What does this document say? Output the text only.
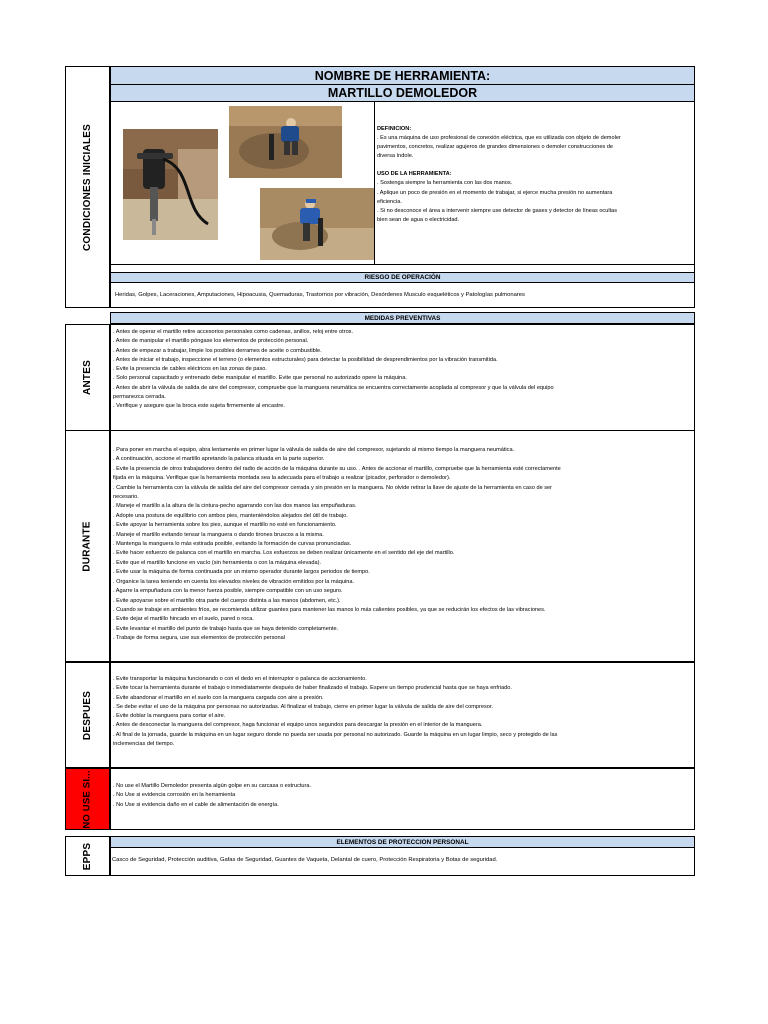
CONDICIONES INICIALES
ANTES
DURANTE
DESPUES
NO USE SI...
EPPS
NOMBRE DE HERRAMIENTA:
MARTILLO DEMOLEDOR
DEFINICION:
. Es una máquina de uso profesional de conexión eléctrica, que es utilizada con objeto de demoler
pavimentos, concretos, realizar agujeros de grandes dimensiones o demoler construcciones de
diversa índole.
USO DE LA HERRAMIENTA:
. Sostenga siempre la herramienta con las dos manos.
. Aplique un poco de presión en el momento de trabajar, si ejerce mucha presión no aumentara
eficiencia.
. Si no desconoce el área a intervenir siempre use detector de gases y detector de líneas ocultas
bien sean de agua o electricidad.
RIESGO DE OPERACIÓN
Heridas, Golpes, Laceraciones, Amputaciones, Hipoacusia, Quemaduras, Trastornos por vibración, Desórdenes Musculo esqueléticos y Patologías pulmonares
MEDIDAS PREVENTIVAS
. Antes de operar el martillo retire accesorios personales como cadenas, anillos, reloj entre otros.
. Antes de manipular el martillo póngase los elementos de protección personal.
. Antes de empezar a trabajar, limpie los posibles derrames de aceite o combustible.
. Antes de iniciar el trabajo, inspeccione el terreno (o elementos estructurales) para detectar la posibilidad de desprendimientos por la vibración transmitida.
. Evite la presencia de cables eléctricos en las zonas de paso.
. Solo personal capacitado y entrenado debe manipular el martillo. Evite que personal no autorizado opere la máquina.
. Antes de abrir la válvula de salida de aire del compresor, compruebe que la manguera neumática se encuentra correctamente acoplada al compresor y que la válvula del equipo
permanezca cerrada.
. Verifique y asegure que la broca este sujeta firmemente al encastre.
. Para poner en marcha el equipo, abra lentamente en primer lugar la válvula de salida de aire del compresor, sujetando al mismo tiempo la manguera neumática.
. A continuación, accione el martillo apretando la palanca situada en la parte superior.
. Evite la presencia de otros trabajadores dentro del radio de acción de la máquina durante su uso. . Antes de accionar el martillo, compruebe que la herramienta esté correctamente
fijada en la máquina. Verifique que la herramienta montada sea la adecuada para el trabajo a realizar (picador, perforador o demoledor).
. Cambie la herramienta con la válvula de salida del aire del compresor cerrada y sin presión en la manguera. No olvide retirar la llave de ajuste de la herramienta en caso de ser
necesario.
. Maneje el martillo a la altura de la cintura-pecho agarrando con las dos manos las empuñaduras.
. Adopte una postura de equilibrio con ambos pies, manteniéndolos alejados del útil de trabajo.
. Evite apoyar la herramienta sobre los pies, aunque el martillo no esté en funcionamiento.
. Maneje el martillo evitando tensar la manguera o dando tirones bruscos a la misma.
. Mantenga la manguera lo más estirada posible, evitando la formación de curvas pronunciadas.
. Evite hacer esfuerzo de palanca con el martillo en marcha. Los esfuerzos se deben realizar únicamente en el sentido del eje del martillo.
. Evite que el martillo funcione en vacío (sin herramienta o con la máquina elevada).
. Evite usar la máquina de forma continuada por un mismo operador durante largos periodos de tiempo.
. Organice la tarea teniendo en cuenta los elevados niveles de vibración emitidos por la máquina.
. Agarre la empuñadura con la menor fuerza posible, siempre compatible con un uso seguro.
. Evite apoyarse sobre el martillo otra parte del cuerpo distinta a las manos (abdomen, etc.).
. Cuando se trabaje en ambientes fríos, se recomienda utilizar guantes para mantener las manos lo más calientes posibles, ya que se reducirán los efectos de las vibraciones.
. Evite dejar el martillo hincado en el suelo, pared o roca.
. Evite levantar el martillo del punto de trabajo hasta que se haya detenido completamente.
. Trabaje de forma segura, use sus elementos de protección personal
. Evite transportar la máquina funcionando o con el dedo en el interruptor o palanca de accionamiento.
. Evite tocar la herramienta durante el trabajo o inmediatamente después de haber finalizado el trabajo. Espere un tiempo prudencial hasta que se haya enfriado.
. Evite abandonar el martillo en el suelo con la manguera cargada con aire a presión.
. Se debe evitar el uso de la máquina por personas no autorizadas. Al finalizar el trabajo, cierre en primer lugar la válvula de salida de aire del compresor.
. Evite doblar la manguera para cortar el aire.
. Antes de desconectar la manguera del compresor, haga funcionar el equipo unos segundos para descargar la presión en el interior de la manguera.
. Al final de la jornada, guarde la máquina en un lugar seguro donde no pueda ser usada por personal no autorizado. Guarde la máquina en un lugar limpio, seco y protegido de las
inclemencias del tiempo.
. No use el Martillo Demoledor presenta algún golpe en su carcasa o estructura.
. No Use si evidencia corrosión en la herramienta
. No Use si evidencia daño en el cable de alimentación de energía.
ELEMENTOS DE PROTECCION PERSONAL
Casco de Seguridad, Protección auditiva, Gafas de Seguridad, Guantes de Vaqueta, Delantal de cuero, Protección Respiratoria y Botas de seguridad.
